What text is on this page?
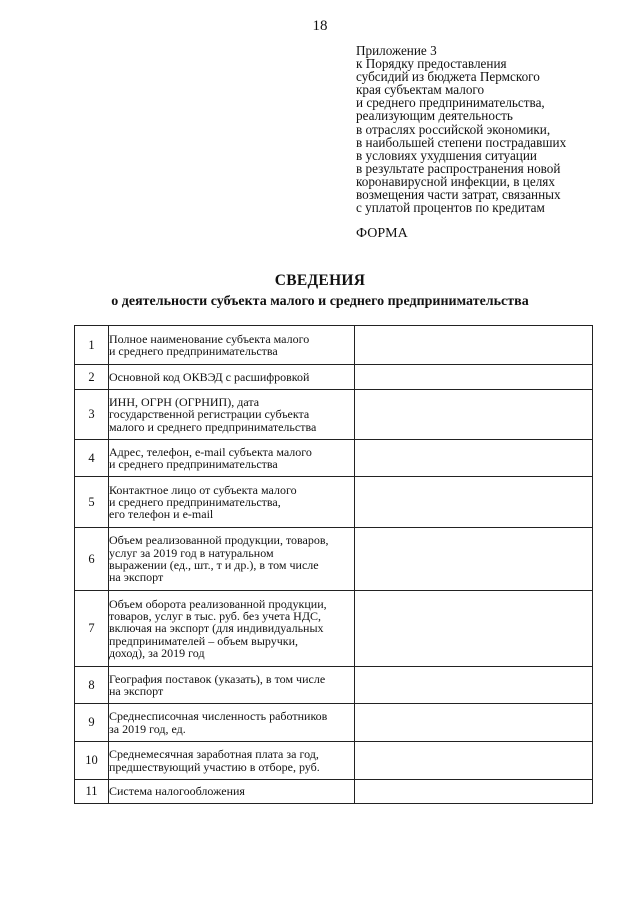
18
Приложение 3
к Порядку предоставления
субсидий из бюджета Пермского
края субъектам малого
и среднего предпринимательства,
реализующим деятельность
в отраслях российской экономики,
в наибольшей степени пострадавших
в условиях ухудшения ситуации
в результате распространения новой
коронавирусной инфекции, в целях
возмещения части затрат, связанных
с уплатой процентов по кредитам
ФОРМА
СВЕДЕНИЯ
о деятельности субъекта малого и среднего предпринимательства
1	Полное наименование субъекта малого
и среднего предпринимательства	

2	Основной код ОКВЭД с расшифровкой	

3	ИНН, ОГРН (ОГРНИП), дата
государственной регистрации субъекта
малого и среднего предпринимательства	

4	Адрес, телефон, e-mail субъекта малого
и среднего предпринимательства	

5	Контактное лицо от субъекта малого
и среднего предпринимательства,
его телефон и e-mail	

6	Объем реализованной продукции, товаров,
услуг за 2019 год в натуральном
выражении (ед., шт., т и др.), в том числе
на экспорт	

7	Объем оборота реализованной продукции,
товаров, услуг в тыс. руб. без учета НДС,
включая на экспорт (для индивидуальных
предпринимателей – объем выручки,
доход), за 2019 год	

8	География поставок (указать), в том числе
на экспорт	

9	Среднесписочная численность работников
за 2019 год, ед.	

10	Среднемесячная заработная плата за год,
предшествующий участию в отборе, руб.	

11	Система налогообложения	
